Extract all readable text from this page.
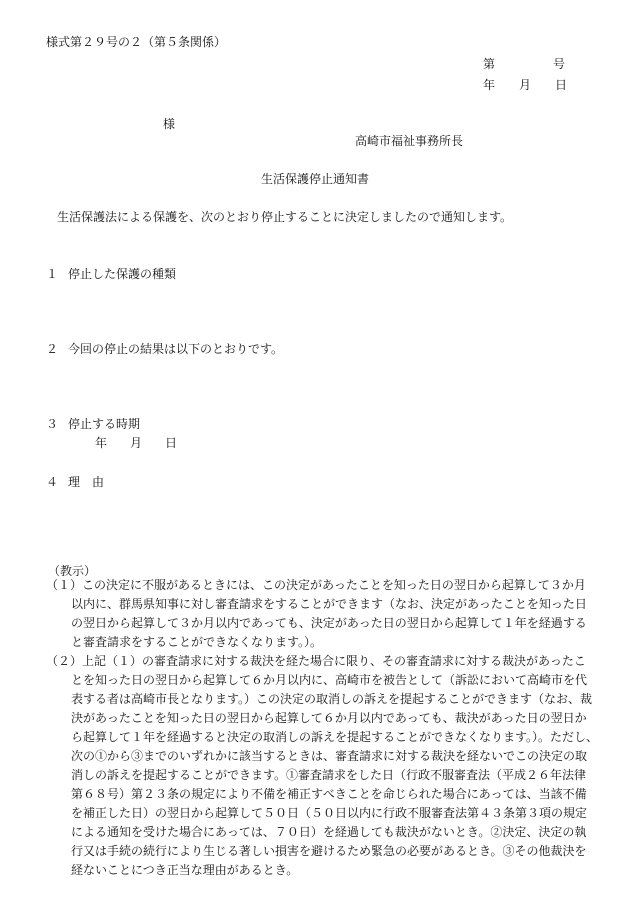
様式第２９号の２（第５条関係）
第	号
年 月 日
様
高崎市福祉事務所長
生活保護停止通知書
生活保護法による保護を、次のとおり停止することに決定しましたので通知します。
１ 停止した保護の種類
２ 今回の停止の結果は以下のとおりです。
３ 停止する時期
年 月 日
４ 理　由
（教示）
（１）この決定に不服があるときには、この決定があったことを知った日の翌日から起算して３か月
以内に、群馬県知事に対し審査請求をすることができます（なお、決定があったことを知った日
の翌日から起算して３か月以内であっても、決定があった日の翌日から起算して１年を経過する
と審査請求をすることができなくなります。）。
（２）上記（１）の審査請求に対する裁決を経た場合に限り、その審査請求に対する裁決があったこ
とを知った日の翌日から起算して６か月以内に、高崎市を被告として（訴訟において高崎市を代
表する者は高崎市長となります。）この決定の取消しの訴えを提起することができます（なお、裁
決があったことを知った日の翌日から起算して６か月以内であっても、裁決があった日の翌日か
ら起算して１年を経過すると決定の取消しの訴えを提起することができなくなります。）。ただし、
次の①から③までのいずれかに該当するときは、審査請求に対する裁決を経ないでこの決定の取
消しの訴えを提起することができます。①審査請求をした日（行政不服審査法（平成２６年法律
第６８号）第２３条の規定により不備を補正すべきことを命じられた場合にあっては、当該不備
を補正した日）の翌日から起算して５０日（５０日以内に行政不服審査法第４３条第３項の規定
による通知を受けた場合にあっては、７０日）を経過しても裁決がないとき。②決定、決定の執
行又は手続の続行により生じる著しい損害を避けるため緊急の必要があるとき。③その他裁決を
経ないことにつき正当な理由があるとき。
